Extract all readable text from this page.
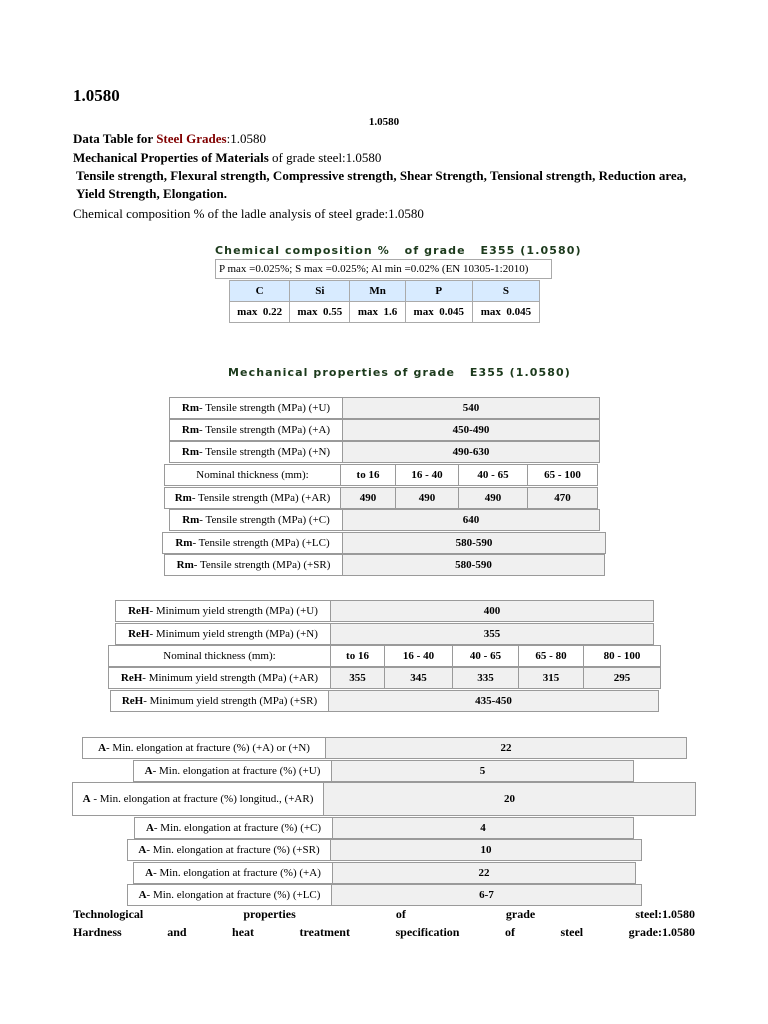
1.0580
1.0580
Data Table for Steel Grades:1.0580
Mechanical Properties of Materials of grade steel:1.0580
Tensile strength, Flexural strength, Compressive strength, Shear Strength, Tensional strength, Reduction area, Yield Strength, Elongation.
Chemical composition % of the ladle analysis of steel grade:1.0580
Chemical composition %   of grade   E355 (1.0580)
P max =0.025%; S max =0.025%; Al min =0.02% (EN 10305-1:2010)
C	Si	Mn	P	S
max  0.22	max  0.55	max  1.6	max  0.045	max  0.045
Mechanical properties of grade   E355 (1.0580)
Rm - Tensile strength (MPa) (+U)	540
Rm - Tensile strength (MPa) (+A)	450-490
Rm - Tensile strength (MPa) (+N)	490-630
Nominal thickness (mm):	to 16	16 - 40	40 - 65	65 - 100
Rm - Tensile strength (MPa) (+AR)	490	490	490	470
Rm - Tensile strength (MPa) (+C)	640
Rm - Tensile strength (MPa) (+LC)	580-590
Rm - Tensile strength (MPa) (+SR)	580-590
ReH - Minimum yield strength (MPa) (+U)	400
ReH - Minimum yield strength (MPa) (+N)	355
Nominal thickness (mm):	to 16	16 - 40	40 - 65	65 - 80	80 - 100
ReH - Minimum yield strength (MPa) (+AR)	355	345	335	315	295
ReH - Minimum yield strength (MPa) (+SR)	435-450
A - Min. elongation at fracture (%) (+A) or (+N)	22
A - Min. elongation at fracture (%) (+U)	5
A - Min. elongation at fracture (%) longitud., (+AR)	20
A - Min. elongation at fracture (%) (+C)	4
A - Min. elongation at fracture (%) (+SR)	10
A - Min. elongation at fracture (%) (+A)	22
A - Min. elongation at fracture (%) (+LC)	6-7
Technological	properties	of	grade	steel:1.0580
Hardness	and	heat	treatment	specification	of	steel	grade:1.0580
